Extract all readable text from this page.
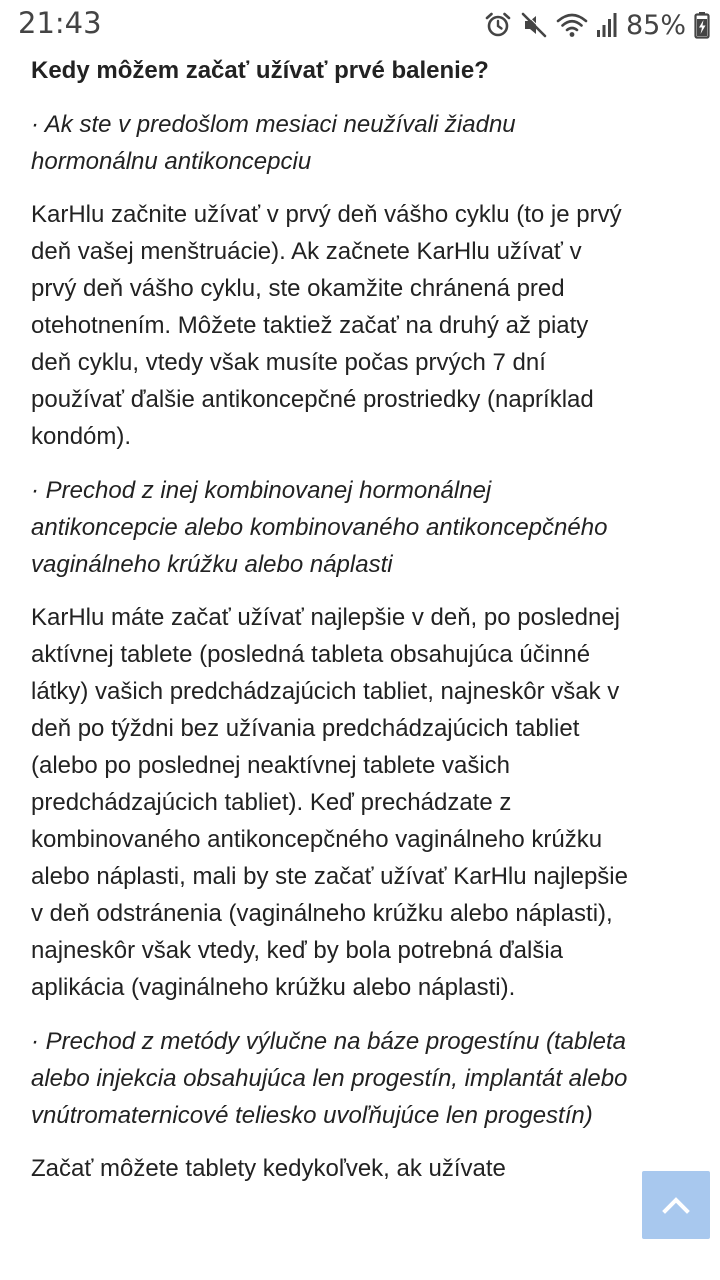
21:43	85%
Kedy môžem začať užívať prvé balenie?
· Ak ste v predošlom mesiaci neužívali žiadnu hormonálnu antikoncepciu
KarHlu začnite užívať v prvý deň vášho cyklu (to je prvý deň vašej menštruácie). Ak začnete KarHlu užívať v prvý deň vášho cyklu, ste okamžite chránená pred otehotnením. Môžete taktiež začať na druhý až piaty deň cyklu, vtedy však musíte počas prvých 7 dní používať ďalšie antikoncepčné prostriedky (napríklad kondóm).
· Prechod z inej kombinovanej hormonálnej antikoncepcie alebo kombinovaného antikoncepčného vaginálneho krúžku alebo náplasti
KarHlu máte začať užívať najlepšie v deň, po poslednej aktívnej tablete (posledná tableta obsahujúca účinné látky) vašich predchádzajúcich tabliet, najneskôr však v deň po týždni bez užívania predchádzajúcich tabliet (alebo po poslednej neaktívnej tablete vašich predchádzajúcich tabliet). Keď prechádzate z kombinovaného antikoncepčného vaginálneho krúžku alebo náplasti, mali by ste začať užívať KarHlu najlepšie v deň odstránenia (vaginálneho krúžku alebo náplasti), najneskôr však vtedy, keď by bola potrebná ďalšia aplikácia (vaginálneho krúžku alebo náplasti).
· Prechod z metódy výlučne na báze progestínu (tableta alebo injekcia obsahujúca len progestín, implantát alebo vnútromaternicové teliesko uvoľňujúce len progestín)
Začať môžete tablety kedykoľvek, ak užívate
